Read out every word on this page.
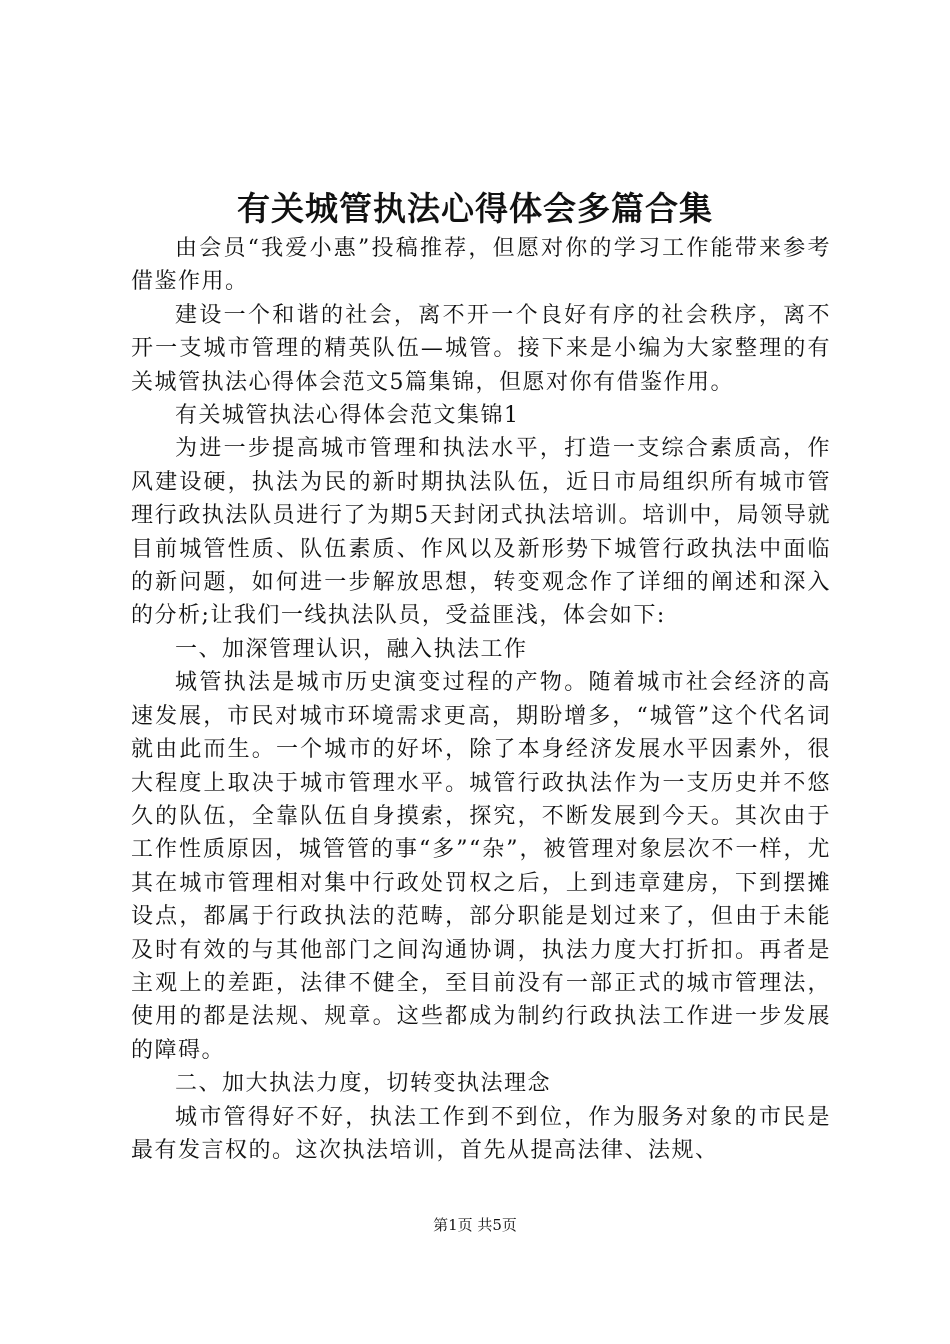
有关城管执法心得体会多篇合集

由会员“我爱小惠”投稿推荐，但愿对你的学习工作能带来参考借鉴作用。

建设一个和谐的社会，离不开一个良好有序的社会秩序，离不开一支城市管理的精英队伍—城管。接下来是小编为大家整理的有关城管执法心得体会范文5篇集锦，但愿对你有借鉴作用。

有关城管执法心得体会范文集锦1

为进一步提高城市管理和执法水平，打造一支综合素质高，作风建设硬，执法为民的新时期执法队伍，近日市局组织所有城市管理行政执法队员进行了为期5天封闭式执法培训。培训中，局领导就目前城管性质、队伍素质、作风以及新形势下城管行政执法中面临的新问题，如何进一步解放思想，转变观念作了详细的阐述和深入的分析;让我们一线执法队员，受益匪浅，体会如下:

一、加深管理认识，融入执法工作

城管执法是城市历史演变过程的产物。随着城市社会经济的高速发展，市民对城市环境需求更高，期盼增多，“城管”这个代名词就由此而生。一个城市的好坏，除了本身经济发展水平因素外，很大程度上取决于城市管理水平。城管行政执法作为一支历史并不悠久的队伍，全靠队伍自身摸索，探究，不断发展到今天。其次由于工作性质原因，城管管的事“多”“杂”，被管理对象层次不一样，尤其在城市管理相对集中行政处罚权之后，上到违章建房，下到摆摊设点，都属于行政执法的范畴，部分职能是划过来了，但由于未能及时有效的与其他部门之间沟通协调，执法力度大打折扣。再者是主观上的差距，法律不健全，至目前没有一部正式的城市管理法，使用的都是法规、规章。这些都成为制约行政执法工作进一步发展的障碍。

二、加大执法力度，切转变执法理念

城市管得好不好，执法工作到不到位，作为服务对象的市民是最有发言权的。这次执法培训，首先从提高法律、法规、

第1页 共5页
